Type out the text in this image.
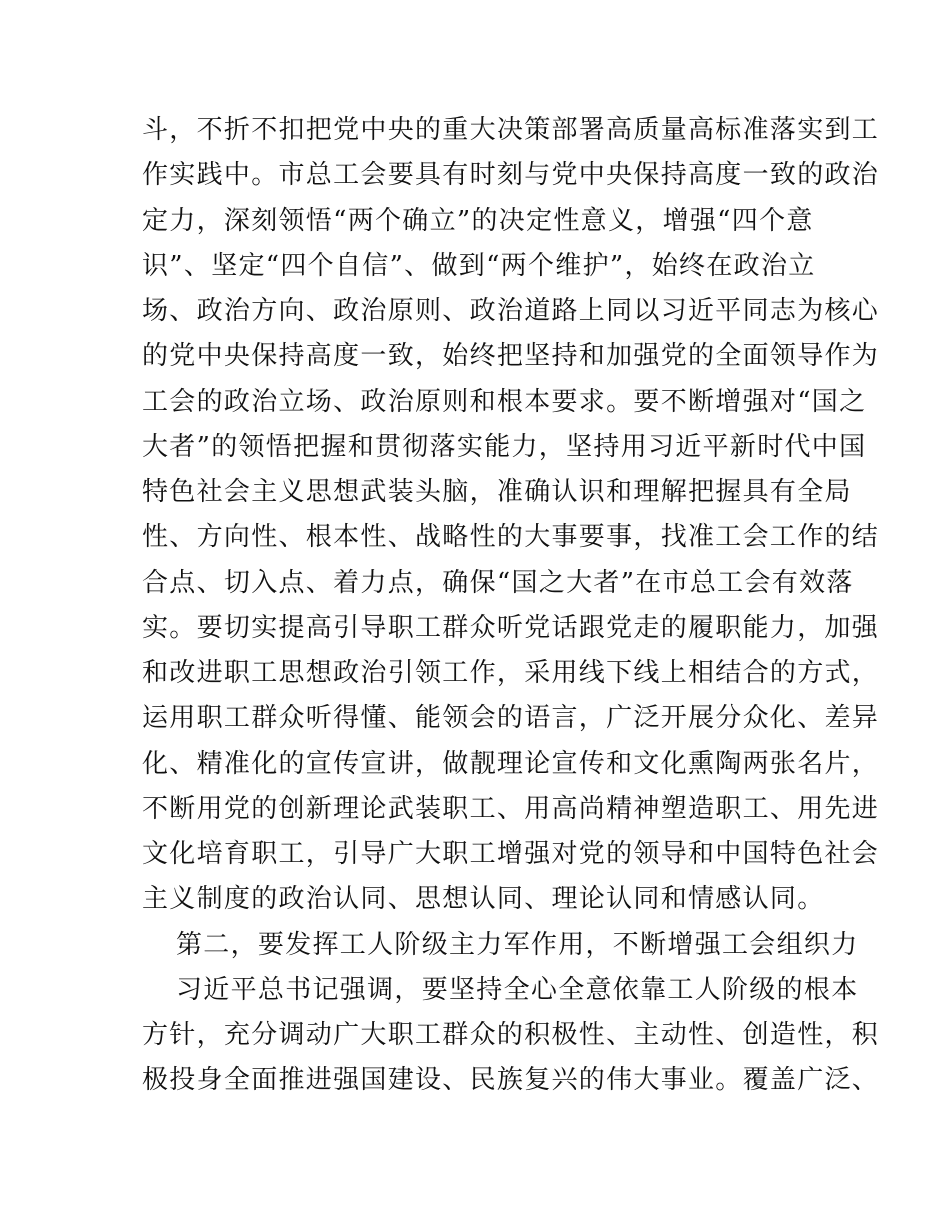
斗，不折不扣把党中央的重大决策部署高质量高标准落实到工
作实践中。市总工会要具有时刻与党中央保持高度一致的政治
定力，深刻领悟“两个确立”的决定性意义，增强“四个意
识”、坚定“四个自信”、做到“两个维护”，始终在政治立
场、政治方向、政治原则、政治道路上同以习近平同志为核心
的党中央保持高度一致，始终把坚持和加强党的全面领导作为
工会的政治立场、政治原则和根本要求。要不断增强对“国之
大者”的领悟把握和贯彻落实能力，坚持用习近平新时代中国
特色社会主义思想武装头脑，准确认识和理解把握具有全局
性、方向性、根本性、战略性的大事要事，找准工会工作的结
合点、切入点、着力点，确保“国之大者”在市总工会有效落
实。要切实提高引导职工群众听党话跟党走的履职能力，加强
和改进职工思想政治引领工作，采用线下线上相结合的方式，
运用职工群众听得懂、能领会的语言，广泛开展分众化、差异
化、精准化的宣传宣讲，做靓理论宣传和文化熏陶两张名片，
不断用党的创新理论武装职工、用高尚精神塑造职工、用先进
文化培育职工，引导广大职工增强对党的领导和中国特色社会
主义制度的政治认同、思想认同、理论认同和情感认同。
第二，要发挥工人阶级主力军作用，不断增强工会组织力
习近平总书记强调，要坚持全心全意依靠工人阶级的根本
方针，充分调动广大职工群众的积极性、主动性、创造性，积
极投身全面推进强国建设、民族复兴的伟大事业。覆盖广泛、
